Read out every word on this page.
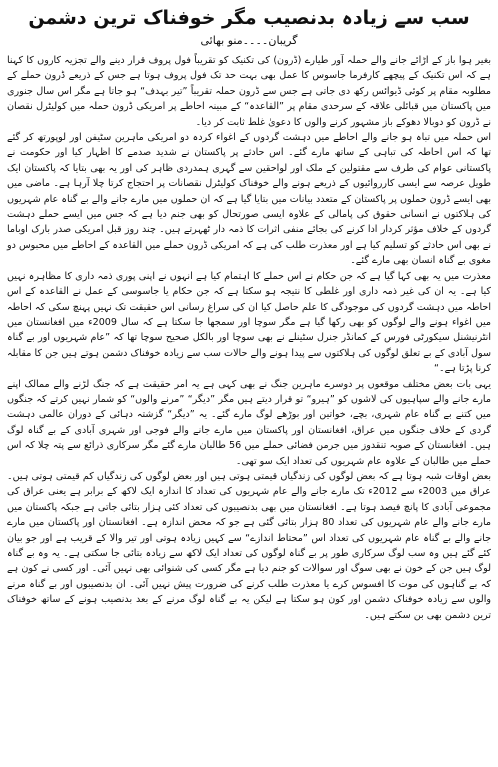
سب سے زیادہ بدنصیب مگر خوفناک ترین دشمن
گریبان۔۔۔۔منو بھائی

بغیر ہوا باز کے اڑائے جانے والے حملہ آور طیارے (ڈرون) کی تکنیک کو تقریباً فول پروف قرار دینے والے تجزیہ کاروں کا کہنا ہے کہ اس تکنیک کے پیچھے کارفرما جاسوس کا عمل بھی بہت حد تک فول پروف ہوتا ہے جس کے ذریعے ڈرون حملے کے مطلوبہ مقام پر کوئی ڈیوائس رکھ دی جاتی ہے جس سے ڈرون حملہ تقریباً ”تیر بہدف“ ہو جاتا ہے مگر اس سال جنوری میں پاکستان میں قبائلی علاقہ کے سرحدی مقام پر ”القاعدہ“ کے مبینہ احاطے پر امریکی ڈرون حملہ میں کولیٹرل نقصان نے ڈرون کو دوبالا دھوکے باز مشہور کرنے والوں کا دعویٰ غلط ثابت کر دیا۔

اس حملہ میں تباہ ہو جانے والے احاطے میں دہشت گردوں کے اغواء کردہ دو امریکی ماہرین سٹیفن اور لوپورتھ کر گئے تھا کہ اس احاطہ کی تباہی کے ساتھ مارے گئے۔ اس حادثے پر پاکستان نے شدید صدمے کا اظہار کیا اور حکومت نے پاکستانی عوام کی طرف سے مقتولین کے ملک اور لواحقین سے گہری ہمدردی ظاہر کی اور یہ بھی بتایا کہ پاکستان ایک طویل عرصہ سے ایسی کارروائیوں کے ذریعے ہونے والے خوفناک کولیٹرل نقصانات پر احتجاج کرتا چلا آرہا ہے۔ ماضی میں بھی ایسے ڈرون حملوں پر پاکستان کے متعدد بیانات میں بتایا گیا ہے کہ ان حملوں میں مارے جانے والے بے گناہ عام شہریوں کی ہلاکتوں نے انسانی حقوق کی پامالی کے علاوہ ایسی صورتحال کو بھی جنم دیا ہے کہ جس میں ایسے حملے دہشت گردوں کے خلاف مؤثر کردار ادا کرنے کی بجائے منفی اثرات کا ذمہ دار ٹھہرتے ہیں۔ چند روز قبل امریکی صدر بارک اوباما نے بھی اس حادثے کو تسلیم کیا ہے اور معذرت طلب کی ہے کہ امریکی ڈرون حملے میں القاعدہ کے احاطے میں محبوس دو مغوی بے گناہ انسان بھی مارے گئے۔

معذرت میں یہ بھی کہا گیا ہے کہ جن حکام نے اس حملے کا اہتمام کیا ہے انہوں نے اپنی پوری ذمہ داری کا مظاہرہ نہیں کیا ہے۔ یہ ان کی غیر ذمہ داری اور غلطی کا نتیجہ ہو سکتا ہے کہ جن حکام یا جاسوسی کے عمل نے القاعدہ کے اس احاطہ میں دہشت گردوں کی موجودگی کا علم حاصل کیا ان کی سراغ رسانی اس حقیقت تک نہیں پہنچ سکی کہ احاطہ میں اغواء ہونے والے لوگوں کو بھی رکھا گیا ہے مگر سوچا اور سمجھا جا سکتا ہے کہ سال 2009ء میں افغانستان میں انٹرنیشنل سیکورٹی فورس کے کمانڈر جنرل سٹینلے نے بھی سوچا اور بالکل صحیح سوچا تھا کہ ”عام شہریوں اور بے گناہ سول آبادی کے بے تعلق لوگوں کی ہلاکتوں سے پیدا ہونے والے حالات سب سے زیادہ خوفناک دشمن ہوتے ہیں جن کا مقابلہ کرنا پڑتا ہے۔“

یہی بات بعض مختلف موقعوں پر دوسرے ماہرین جنگ نے بھی کہی ہے یہ امر حقیقت ہے کہ جنگ لڑنے والے ممالک اپنے مارے جانے والے سپاہیوں کی لاشوں کو ”ہیرو“ تو قرار دیتے ہیں مگر ”دیگر“ ”مرنے والوں“ کو شمار نہیں کرتے کہ جنگوں میں کتنے بے گناہ عام شہری، بچے، خواتین اور بوڑھے لوگ مارے گئے۔ یہ ”دیگر“ گزشتہ دہائی کے دوران عالمی دہشت گردی کے خلاف جنگوں میں عراق، افغانستان اور پاکستان میں مارے جانے والے فوجی اور شہری آبادی کے بے گناہ لوگ ہیں۔ افغانستان کے صوبہ تنقدوز میں جرمن فضائی حملے میں 56 طالبان مارے گئے مگر سرکاری ذرائع سے پتہ چلا کہ اس حملے میں طالبان کے علاوہ عام شہریوں کی تعداد ایک سو تھی۔

بعض اوقات شبہ ہوتا ہے کہ بعض لوگوں کی زندگیاں قیمتی ہوتی ہیں اور بعض لوگوں کی زندگیاں کم قیمتی ہوتی ہیں۔ عراق میں 2003ء سے 2012ء تک مارے جانے والے عام شہریوں کی تعداد کا اندازہ ایک لاکھ کے برابر ہے یعنی عراق کی مجموعی آبادی کا پانچ فیصد ہوتا ہے۔ افغانستان میں بھی بدنصیبوں کی تعداد کئی ہزار بتائی جاتی ہے جبکہ پاکستان میں مارے جانے والے عام شہریوں کی تعداد 80 ہزار بتائی گئی ہے جو کہ محض اندازہ ہے۔ افغانستان اور پاکستان میں مارے جانے والے بے گناہ عام شہریوں کی تعداد اس ”محتاط اندازے“ سے کہیں زیادہ ہوتی اور تیر والا کے قریب ہے اور جو بیان کئے گئے ہیں وہ سب لوگ سرکاری طور پر بے گناہ لوگوں کی تعداد ایک لاکھ سے زیادہ بتائی جا سکتی ہے۔ یہ وہ بے گناہ لوگ ہیں جن کے خون نے بھی سوگ اور سوالات کو جنم دیا ہے مگر کسی کی شنوائی بھی نہیں آئی۔ اور کسی نے کون ہے کہ بے گناہوں کی موت کا افسوس کرے یا معذرت طلب کرنے کی ضرورت پیش نہیں آئی۔ ان بدنصیبوں اور بے گناہ مرنے والوں سے زیادہ خوفناک دشمن اور کون ہو سکتا ہے لیکن یہ بے گناہ لوگ مرنے کے بعد بدنصیب ہونے کے ساتھ خوفناک ترین دشمن بھی بن سکتے ہیں۔
